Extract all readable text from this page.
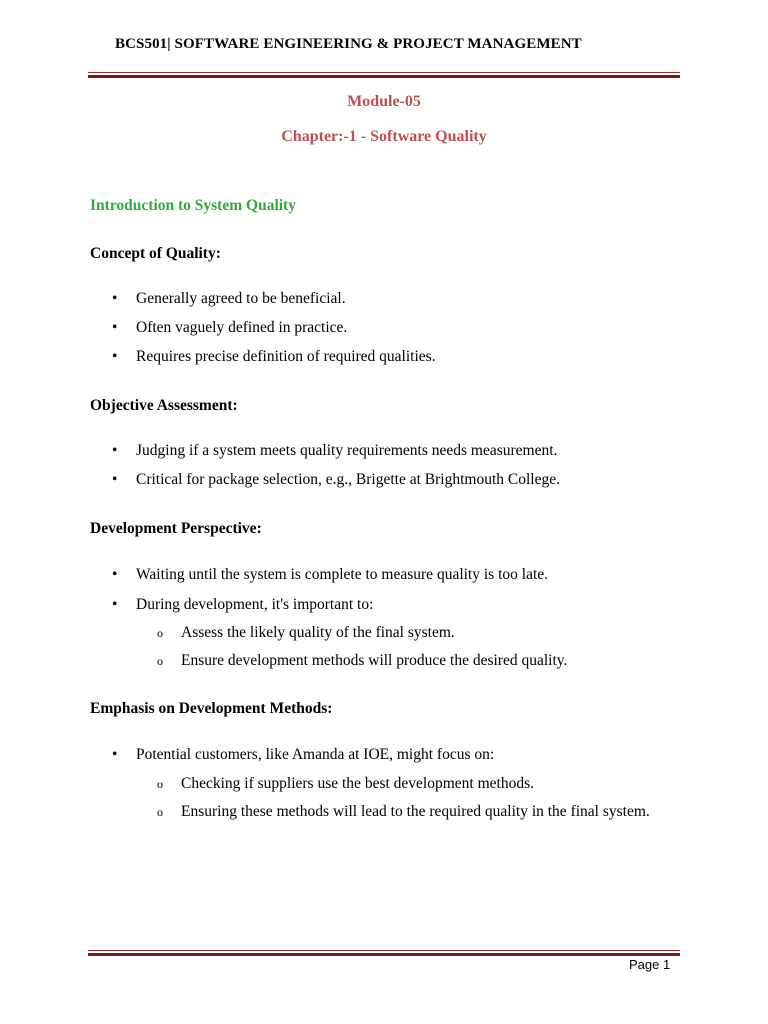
BCS501| SOFTWARE ENGINEERING & PROJECT MANAGEMENT
Module-05
Chapter:-1 - Software Quality
Introduction to System Quality
Concept of Quality:
• Generally agreed to be beneficial.
• Often vaguely defined in practice.
• Requires precise definition of required qualities.
Objective Assessment:
• Judging if a system meets quality requirements needs measurement.
• Critical for package selection, e.g., Brigette at Brightmouth College.
Development Perspective:
• Waiting until the system is complete to measure quality is too late.
• During development, it's important to:
o Assess the likely quality of the final system.
o Ensure development methods will produce the desired quality.
Emphasis on Development Methods:
• Potential customers, like Amanda at IOE, might focus on:
o Checking if suppliers use the best development methods.
o Ensuring these methods will lead to the required quality in the final system.
Page 1
